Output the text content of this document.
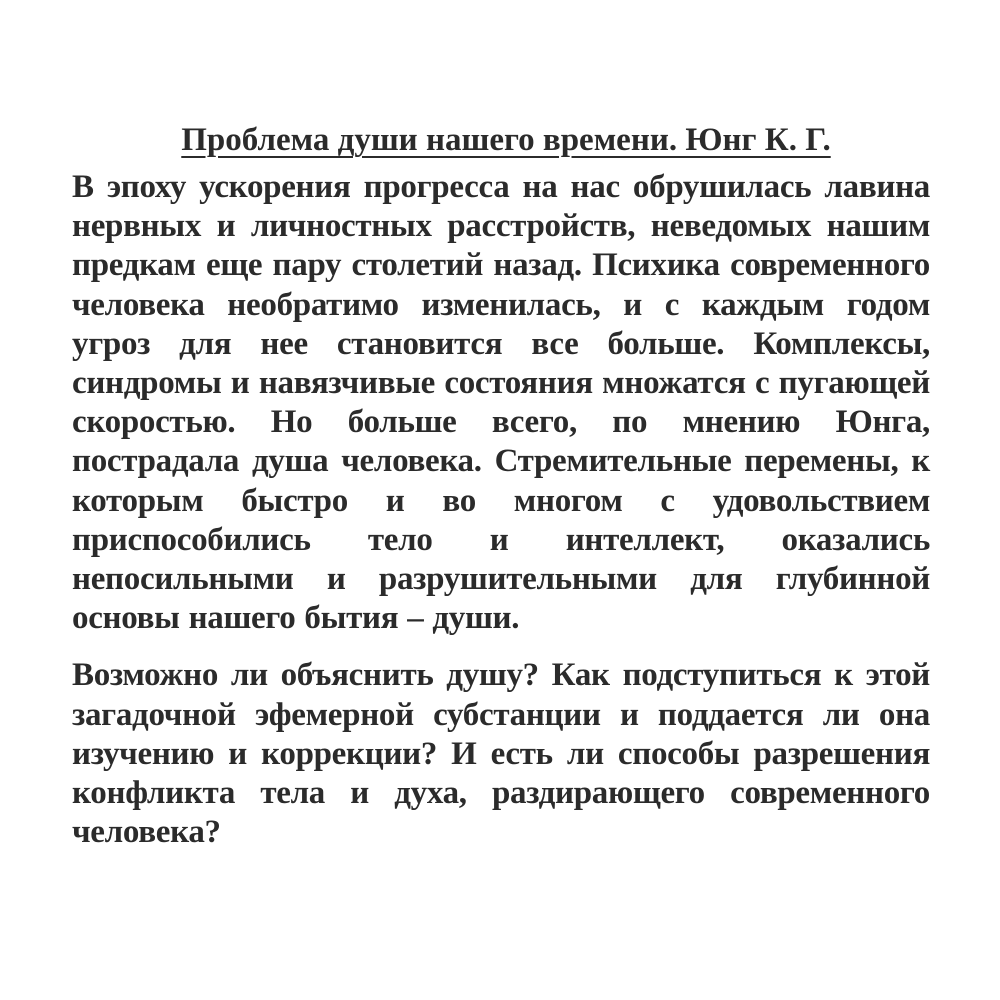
Проблема души нашего времени. Юнг К. Г.

В эпоху ускорения прогресса на нас обрушилась лавина нервных и личностных расстройств, неведомых нашим предкам еще пару столетий назад. Психика современного человека необратимо изменилась, и с каждым годом угроз для нее становится все больше. Комплексы, синдромы и навязчивые состояния множатся с пугающей скоростью. Но больше всего, по мнению Юнга, пострадала душа человека. Стремительные перемены, к которым быстро и во многом с удовольствием приспособились тело и интеллект, оказались непосильными и разрушительными для глубинной основы нашего бытия – души.

Возможно ли объяснить душу? Как подступиться к этой загадочной эфемерной субстанции и поддается ли она изучению и коррекции? И есть ли способы разрешения конфликта тела и духа, раздирающего современного человека?
